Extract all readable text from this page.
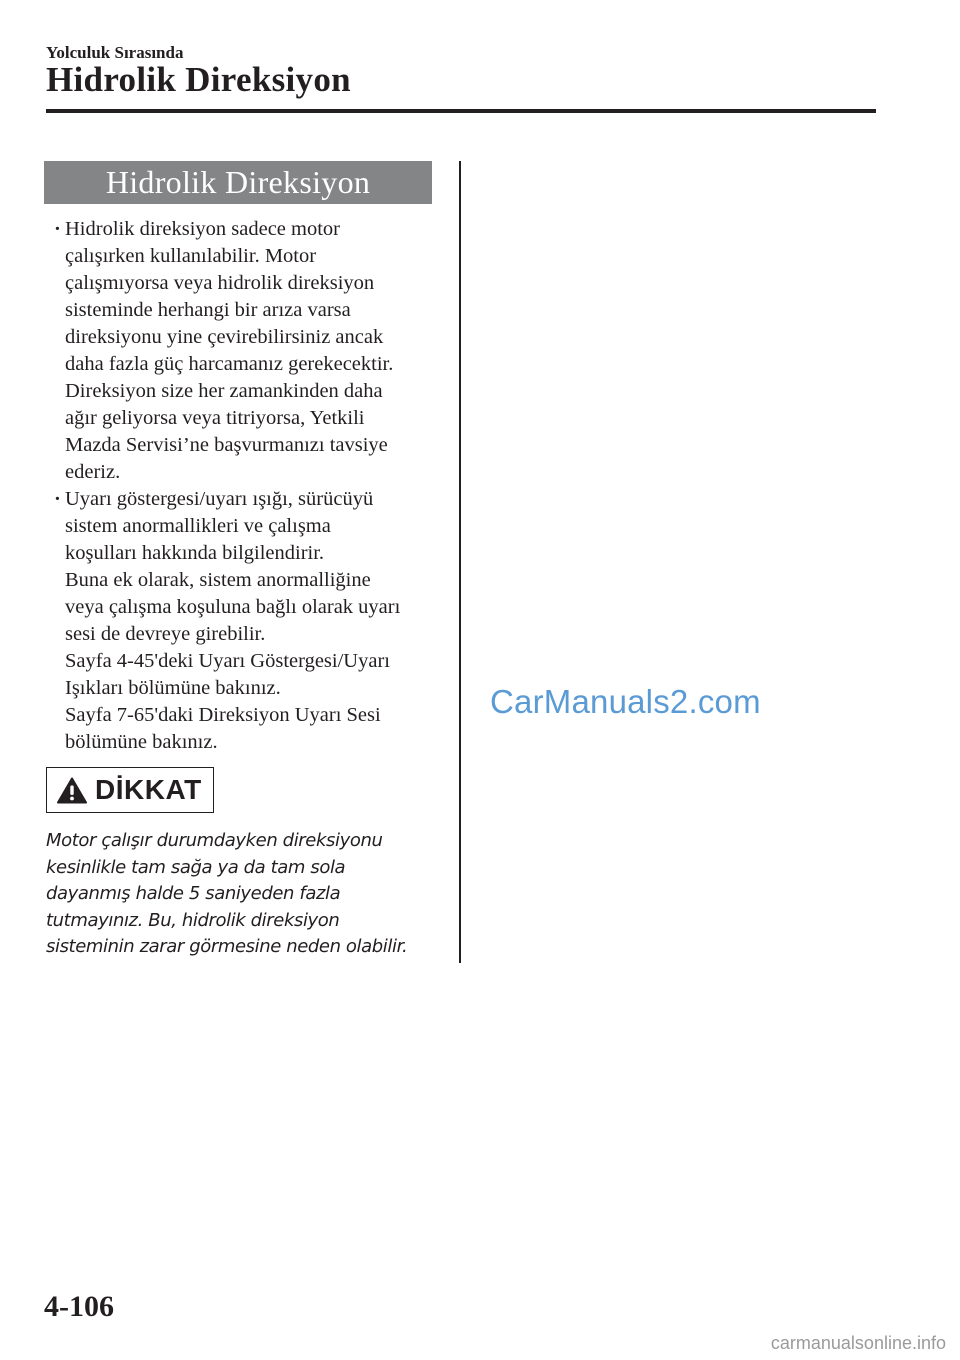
Yolculuk Sırasında
Hidrolik Direksiyon
Hidrolik Direksiyon
· Hidrolik direksiyon sadece motor

çalışırken kullanılabilir. Motor

çalışmıyorsa veya hidrolik direksiyon

sisteminde herhangi bir arıza varsa

direksiyonu yine çevirebilirsiniz ancak

daha fazla güç harcamanız gerekecektir.

Direksiyon size her zamankinden daha

ağır geliyorsa veya titriyorsa, Yetkili

Mazda Servisi’ne başvurmanızı tavsiye

ederiz.

· Uyarı göstergesi/uyarı ışığı, sürücüyü

sistem anormallikleri ve çalışma

koşulları hakkında bilgilendirir.

Buna ek olarak, sistem anormalliğine

veya çalışma koşuluna bağlı olarak uyarı

sesi de devreye girebilir.

Sayfa 4-45'deki Uyarı Göstergesi/Uyarı

Işıkları bölümüne bakınız.

Sayfa 7-65'daki Direksiyon Uyarı Sesi

bölümüne bakınız.

DİKKAT
Motor çalışır durumdayken direksiyonu
kesinlikle tam sağa ya da tam sola
dayanmış halde 5 saniyeden fazla
tutmayınız. Bu, hidrolik direksiyon
sisteminin zarar görmesine neden olabilir.
CarManuals2.com
4-106
carmanualsonline.info
